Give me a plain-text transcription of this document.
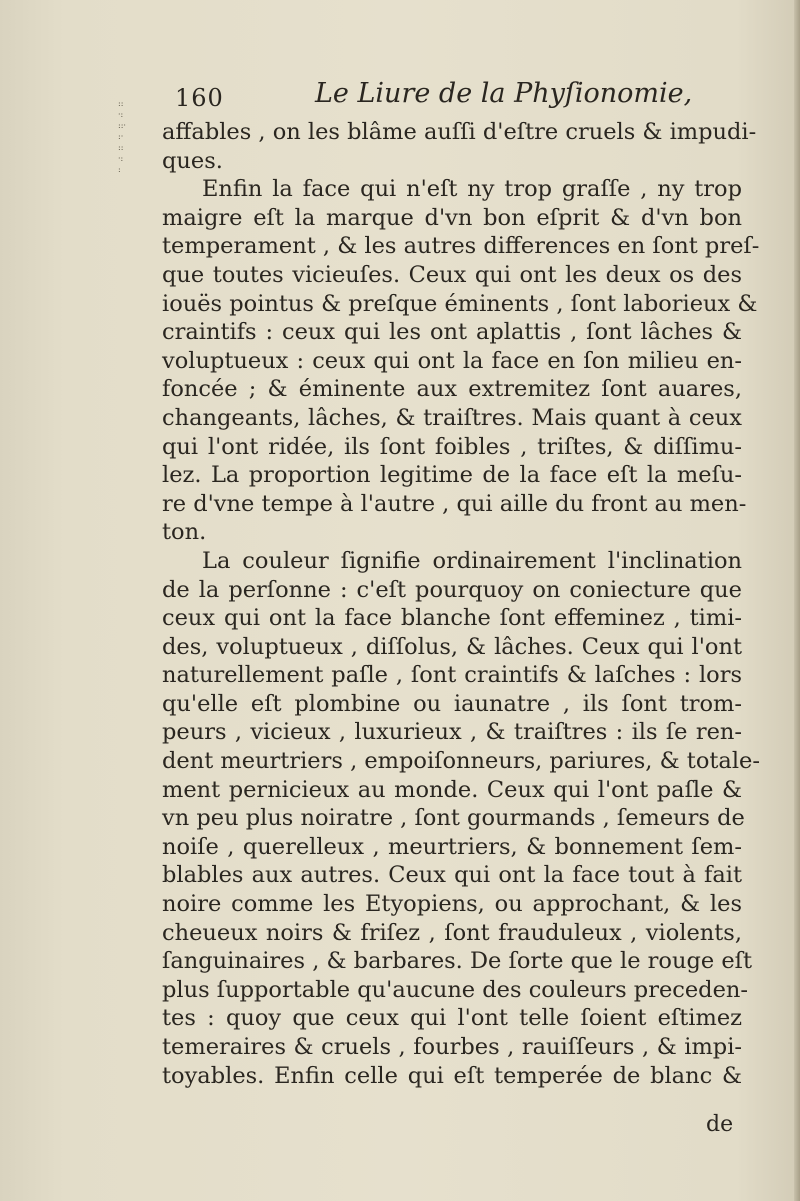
::
·:
::·
:·
::
·:
:
160	Le Liure de la Phyſionomie,
affables , on les blâme auſſi d'eſtre cruels & impudi-
ques.
Enfin la face qui n'eſt ny trop graſſe , ny trop
maigre eſt la marque d'vn bon eſprit & d'vn bon
temperament , & les autres differences en ſont preſ-
que toutes vicieuſes. Ceux qui ont les deux os des
iouës pointus & preſque éminents , ſont laborieux &
craintifs : ceux qui les ont aplattis , ſont lâches &
voluptueux : ceux qui ont la face en ſon milieu en-
foncée ; & éminente aux extremitez ſont auares,
changeants, lâches, & traiſtres. Mais quant à ceux
qui l'ont ridée, ils ſont foibles , triſtes, & diſſimu-
lez. La proportion legitime de la face eſt la meſu-
re d'vne tempe à l'autre , qui aille du front au men-
ton.
La couleur ſignifie ordinairement l'inclination
de la perſonne : c'eſt pourquoy on coniecture que
ceux qui ont la face blanche ſont effeminez , timi-
des, voluptueux , diſſolus, & lâches. Ceux qui l'ont
naturellement paſle , ſont craintifs & laſches : lors
qu'elle eſt plombine ou iaunatre , ils ſont trom-
peurs , vicieux , luxurieux , & traiſtres : ils ſe ren-
dent meurtriers , empoiſonneurs, pariures, & totale-
ment pernicieux au monde. Ceux qui l'ont paſle &
vn peu plus noiratre , ſont gourmands , ſemeurs de
noiſe , querelleux , meurtriers, & bonnement ſem-
blables aux autres. Ceux qui ont la face tout à fait
noire comme les Etyopiens, ou approchant, & les
cheueux noirs & friſez , ſont frauduleux , violents,
ſanguinaires , & barbares. De ſorte que le rouge eſt
plus ſupportable qu'aucune des couleurs preceden-
tes : quoy que ceux qui l'ont telle ſoient eſtimez
temeraires & cruels , fourbes , rauiſſeurs , & impi-
toyables. Enfin celle qui eſt temperée de blanc &
de
